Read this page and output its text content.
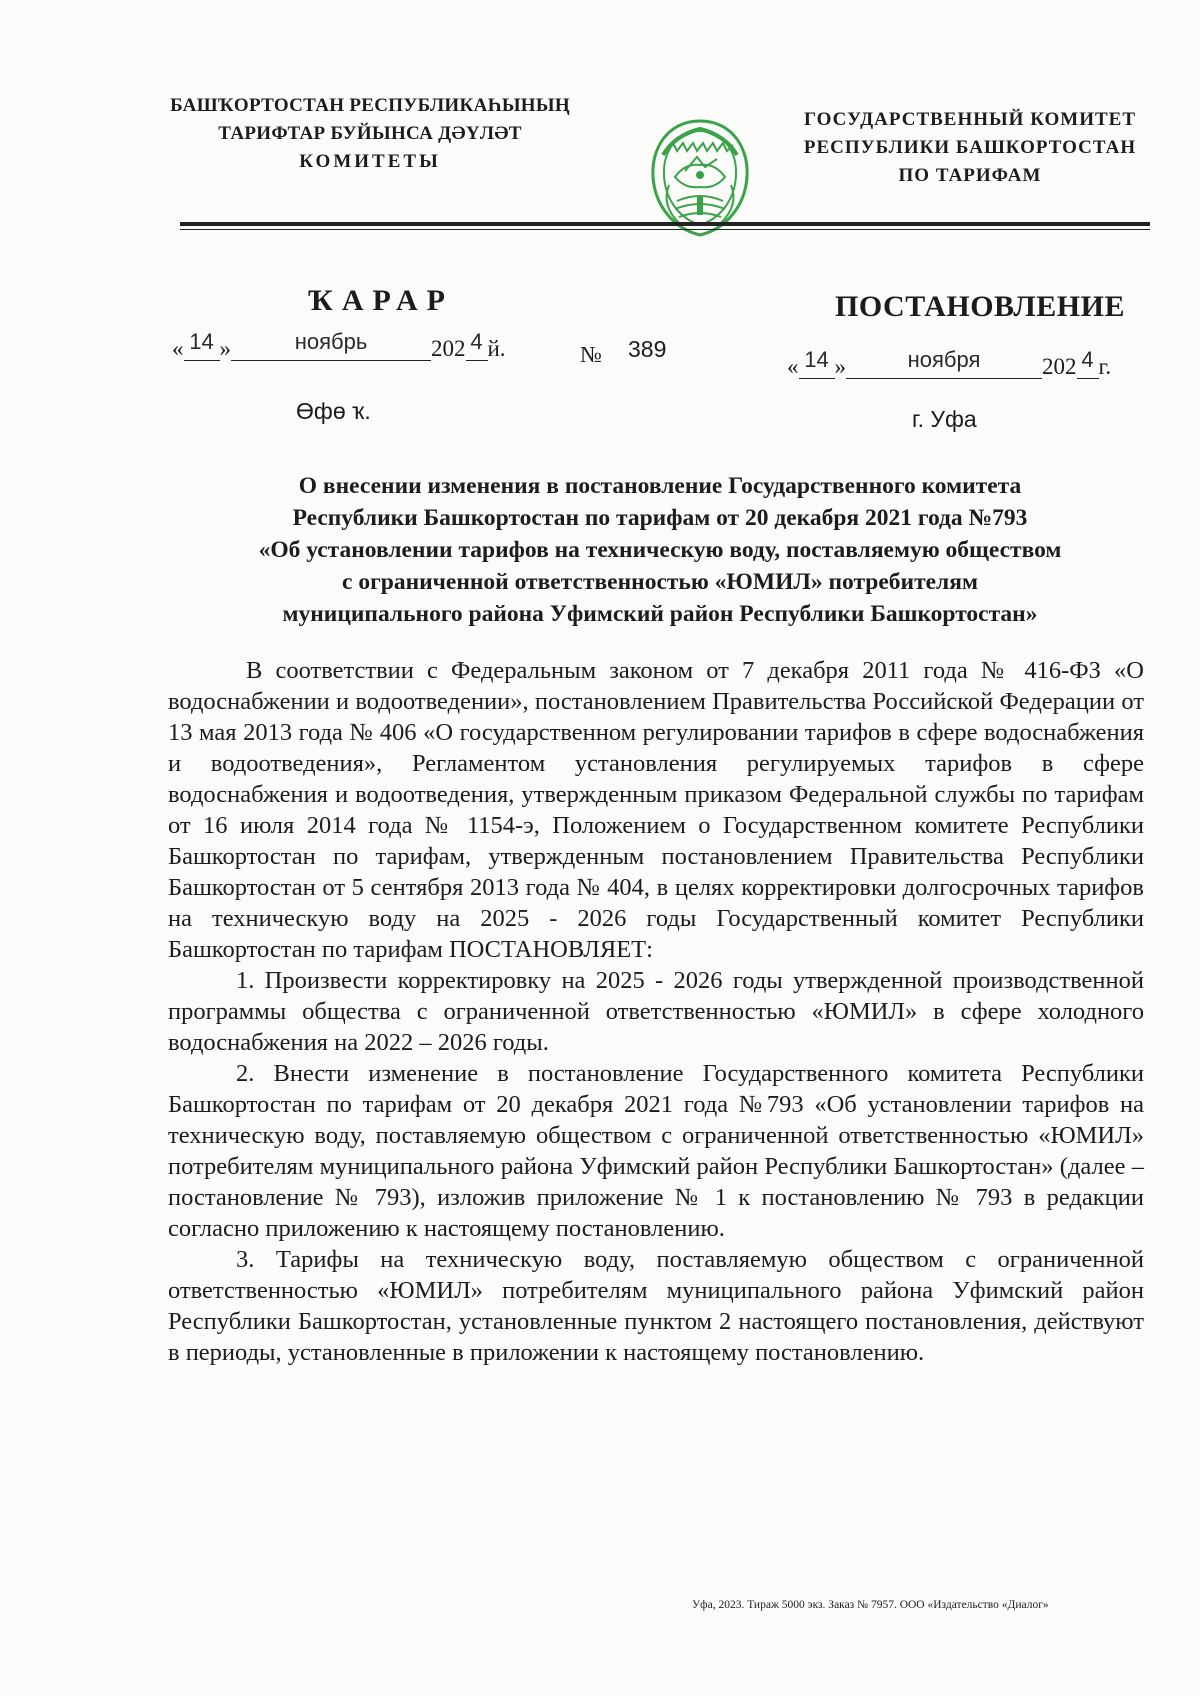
БАШҠОРТОСТАН РЕСПУБЛИКАҺЫНЫҢ
ТАРИФТАР БУЙЫНСА ДӘҮЛӘТ
КОМИТЕТЫ
ГОСУДАРСТВЕННЫЙ КОМИТЕТ
РЕСПУБЛИКИ БАШКОРТОСТАН
ПО ТАРИФАМ
ҠАРАР	ПОСТАНОВЛЕНИЕ
« 14 »	ноябрь	202 4 й.	№ 389
« 14 »	ноября	202 4 г.
Өфө ҡ.	г. Уфа
О внесении изменения в постановление Государственного комитета
Республики Башкортостан по тарифам от 20 декабря 2021 года №793
«Об установлении тарифов на техническую воду, поставляемую обществом
с ограниченной ответственностью «ЮМИЛ» потребителям
муниципального района Уфимский район Республики Башкортостан»

В соответствии с Федеральным законом от 7 декабря 2011 года № 416-ФЗ «О водоснабжении и водоотведении», постановлением Правительства Российской Федерации от 13 мая 2013 года № 406 «О государственном регулировании тарифов в сфере водоснабжения и водоотведения», Регламентом установления регулируемых тарифов в сфере водоснабжения и водоотведения, утвержденным приказом Федеральной службы по тарифам от 16 июля 2014 года № 1154-э, Положением о Государственном комитете Республики Башкортостан по тарифам, утвержденным постановлением Правительства Республики Башкортостан от 5 сентября 2013 года № 404, в целях корректировки долгосрочных тарифов на техническую воду на 2025 - 2026 годы Государственный комитет Республики Башкортостан по тарифам ПОСТАНОВЛЯЕТ:

1. Произвести корректировку на 2025 - 2026 годы утвержденной производственной программы общества с ограниченной ответственностью «ЮМИЛ» в сфере холодного водоснабжения на 2022 – 2026 годы.

2. Внести изменение в постановление Государственного комитета Республики Башкортостан по тарифам от 20 декабря 2021 года №793 «Об установлении тарифов на техническую воду, поставляемую обществом с ограниченной ответственностью «ЮМИЛ» потребителям муниципального района Уфимский район Республики Башкортостан» (далее – постановление № 793), изложив приложение № 1 к постановлению № 793 в редакции согласно приложению к настоящему постановлению.

3. Тарифы на техническую воду, поставляемую обществом с ограниченной ответственностью «ЮМИЛ» потребителям муниципального района Уфимский район Республики Башкортостан, установленные пунктом 2 настоящего постановления, действуют в периоды, установленные в приложении к настоящему постановлению.

Уфа, 2023. Тираж 5000 экз. Заказ № 7957. ООО «Издательство «Диалог»
